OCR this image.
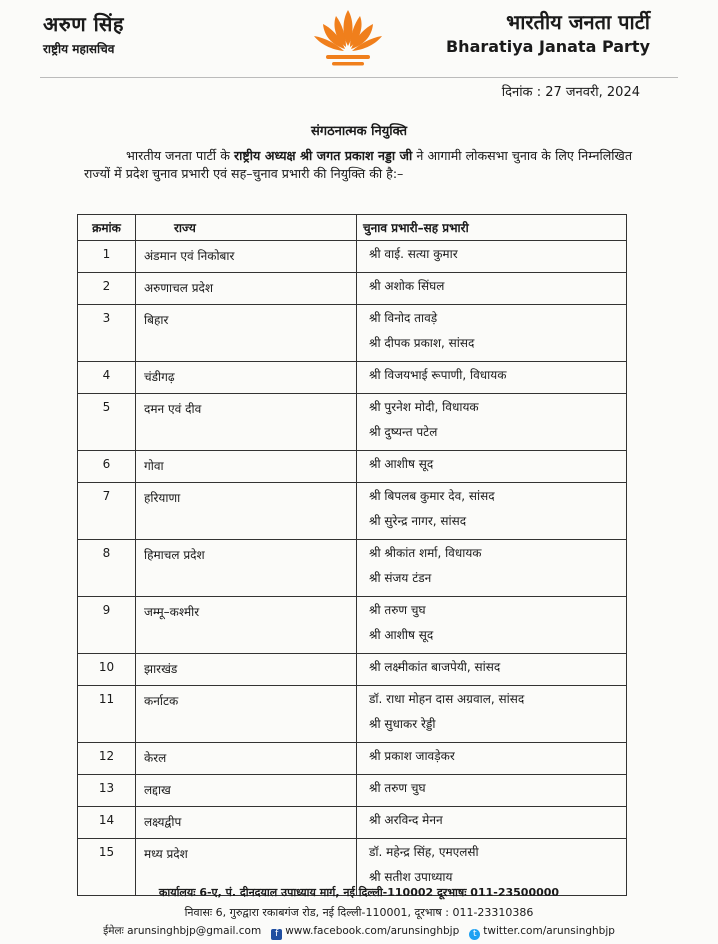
अरुण सिंह
राष्ट्रीय महासचिव
भारतीय जनता पार्टी
Bharatiya Janata Party
दिनांक : 27 जनवरी, 2024
संगठनात्मक नियुक्ति
भारतीय जनता पार्टी के राष्ट्रीय अध्यक्ष श्री जगत प्रकाश नड्डा जी ने आगामी लोकसभा चुनाव के लिए निम्नलिखित राज्यों में प्रदेश चुनाव प्रभारी एवं सह–चुनाव प्रभारी की नियुक्ति की है:–
क्रमांक	राज्य	चुनाव प्रभारी–सह प्रभारी
1	अंडमान एवं निकोबार	श्री वाई. सत्या कुमार

2	अरुणाचल प्रदेश	श्री अशोक सिंघल

3	बिहार	श्री विनोद तावड़े
श्री दीपक प्रकाश, सांसद

4	चंडीगढ़	श्री विजयभाई रूपाणी, विधायक

5	दमन एवं दीव	श्री पुरनेश मोदी, विधायक
श्री दुष्यन्त पटेल

6	गोवा	श्री आशीष सूद

7	हरियाणा	श्री बिपलब कुमार देव, सांसद
श्री सुरेन्द्र नागर, सांसद

8	हिमाचल प्रदेश	श्री श्रीकांत शर्मा, विधायक
श्री संजय टंडन

9	जम्मू–कश्मीर	श्री तरुण चुघ
श्री आशीष सूद

10	झारखंड	श्री लक्ष्मीकांत बाजपेयी, सांसद

11	कर्नाटक	डॉ. राधा मोहन दास अग्रवाल, सांसद
श्री सुधाकर रेड्डी

12	केरल	श्री प्रकाश जावड़ेकर

13	लद्दाख	श्री तरुण चुघ

14	लक्ष्यद्वीप	श्री अरविन्द मेनन

15	मध्य प्रदेश	डॉ. महेन्द्र सिंह, एमएलसी
श्री सतीश उपाध्याय
कार्यालयः 6-ए, पं. दीनदयाल उपाध्याय मार्ग, नई दिल्ली-110002 दूरभाषः 011-23500000
निवासः 6, गुरुद्वारा रकाबगंज रोड, नई दिल्ली-110001, दूरभाष : 011-23310386
ईमेलः arunsinghbjp@gmail.com f www.facebook.com/arunsinghbjp t twitter.com/arunsinghbjp
